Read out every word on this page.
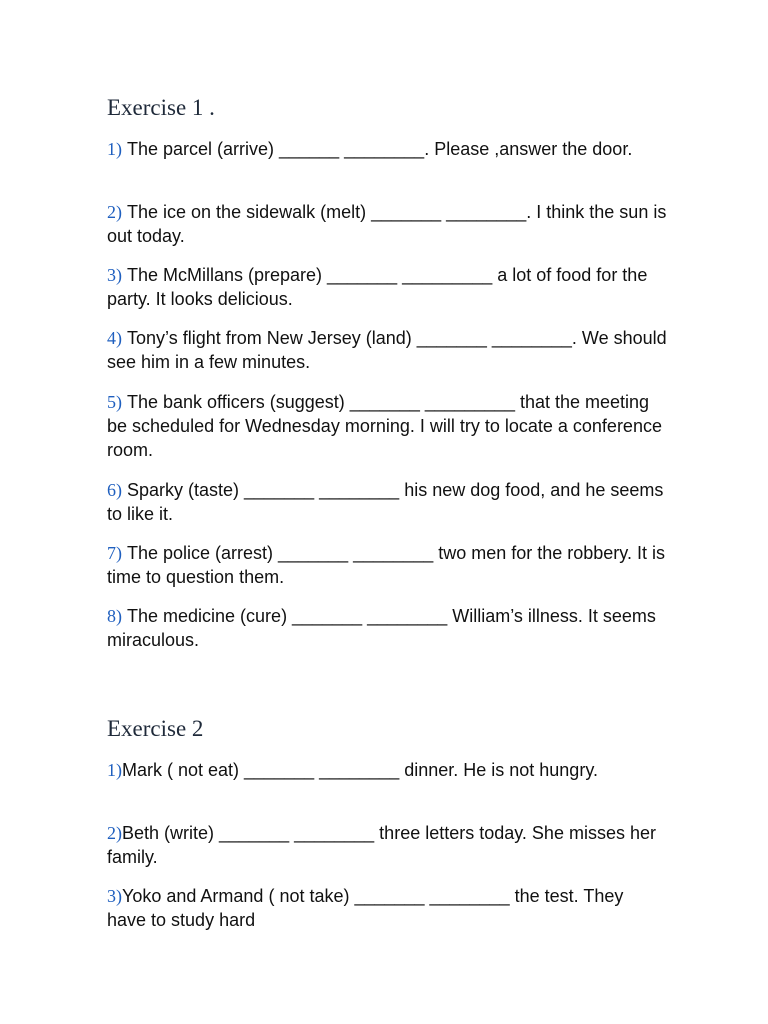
Exercise 1 .
1) The parcel (arrive) ______ ________. Please ,answer the door.
2) The ice on the sidewalk (melt) _______ ________. I think the sun is out today.
3) The McMillans (prepare) _______ _________ a lot of food for the party. It looks delicious.
4) Tony’s flight from New Jersey (land) _______ ________. We should see him in a few minutes.
5) The bank officers (suggest) _______ _________ that the meeting be scheduled for Wednesday morning. I will try to locate a conference room.
6) Sparky (taste) _______ ________ his new dog food, and he seems to like it.
7) The police (arrest) _______ ________ two men for the robbery. It is time to question them.
8) The medicine (cure) _______ ________ William’s illness. It seems miraculous.
Exercise 2
1)Mark ( not eat) _______ ________ dinner. He is not hungry.
2)Beth (write) _______ ________ three letters today. She misses her family.
3)Yoko and Armand ( not take) _______ ________ the test. They have to study hard
